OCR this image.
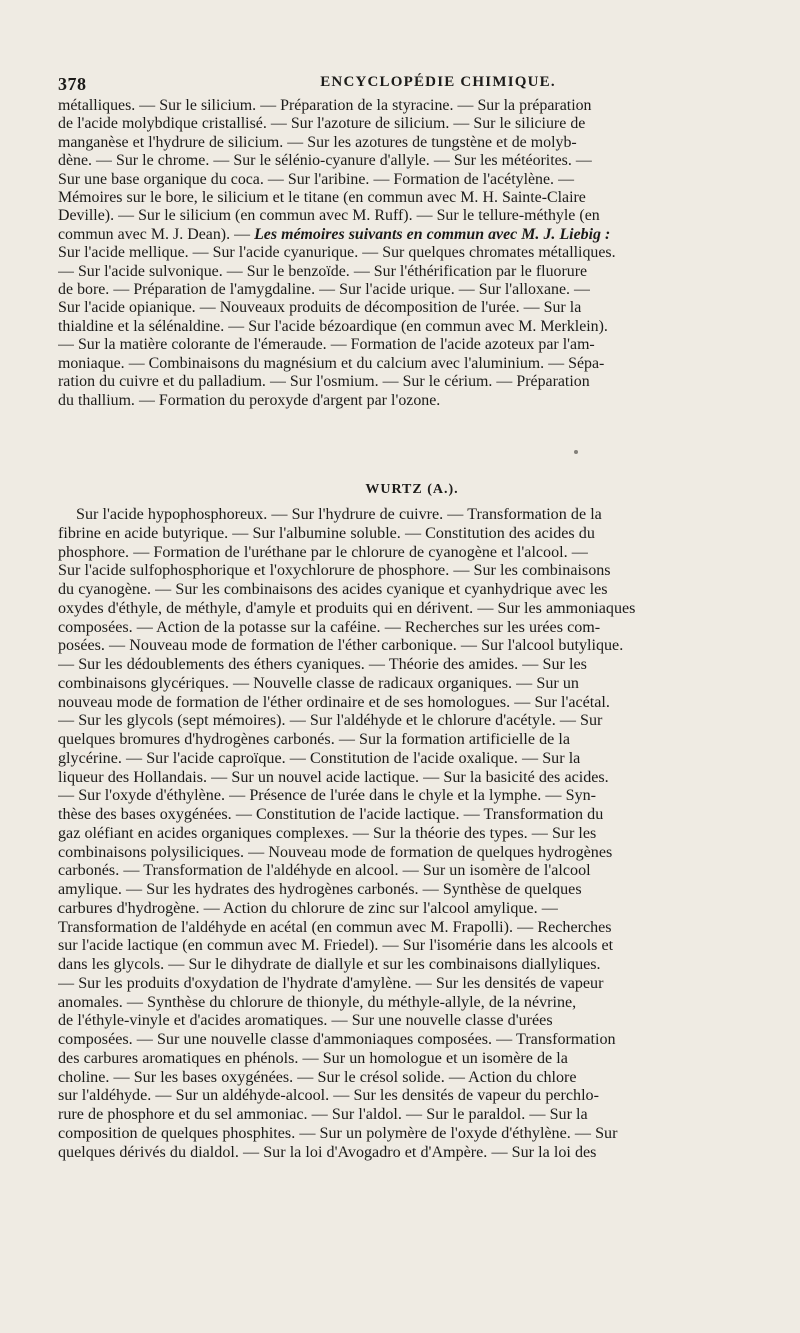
378	ENCYCLOPÉDIE CHIMIQUE.
métalliques. — Sur le silicium. — Préparation de la styracine. — Sur la préparation
de l'acide molybdique cristallisé. — Sur l'azoture de silicium. — Sur le siliciure de
manganèse et l'hydrure de silicium. — Sur les azotures de tungstène et de molyb-
dène. — Sur le chrome. — Sur le sélénio-cyanure d'allyle. — Sur les météorites. —
Sur une base organique du coca. — Sur l'aribine. — Formation de l'acétylène. —
Mémoires sur le bore, le silicium et le titane (en commun avec M. H. Sainte-Claire
Deville). — Sur le silicium (en commun avec M. Ruff). — Sur le tellure-méthyle (en
commun avec M. J. Dean). — Les mémoires suivants en commun avec M. J. Liebig :
Sur l'acide mellique. — Sur l'acide cyanurique. — Sur quelques chromates métalliques.
— Sur l'acide sulvonique. — Sur le benzoïde. — Sur l'éthérification par le fluorure
de bore. — Préparation de l'amygdaline. — Sur l'acide urique. — Sur l'alloxane. —
Sur l'acide opianique. — Nouveaux produits de décomposition de l'urée. — Sur la
thialdine et la sélénaldine. — Sur l'acide bézoardique (en commun avec M. Merklein).
— Sur la matière colorante de l'émeraude. — Formation de l'acide azoteux par l'am-
moniaque. — Combinaisons du magnésium et du calcium avec l'aluminium. — Sépa-
ration du cuivre et du palladium. — Sur l'osmium. — Sur le cérium. — Préparation
du thallium. — Formation du peroxyde d'argent par l'ozone.
WURTZ (A.).
Sur l'acide hypophosphoreux. — Sur l'hydrure de cuivre. — Transformation de la
fibrine en acide butyrique. — Sur l'albumine soluble. — Constitution des acides du
phosphore. — Formation de l'uréthane par le chlorure de cyanogène et l'alcool. —
Sur l'acide sulfophosphorique et l'oxychlorure de phosphore. — Sur les combinaisons
du cyanogène. — Sur les combinaisons des acides cyanique et cyanhydrique avec les
oxydes d'éthyle, de méthyle, d'amyle et produits qui en dérivent. — Sur les ammoniaques
composées. — Action de la potasse sur la caféine. — Recherches sur les urées com-
posées. — Nouveau mode de formation de l'éther carbonique. — Sur l'alcool butylique.
— Sur les dédoublements des éthers cyaniques. — Théorie des amides. — Sur les
combinaisons glycériques. — Nouvelle classe de radicaux organiques. — Sur un
nouveau mode de formation de l'éther ordinaire et de ses homologues. — Sur l'acétal.
— Sur les glycols (sept mémoires). — Sur l'aldéhyde et le chlorure d'acétyle. — Sur
quelques bromures d'hydrogènes carbonés. — Sur la formation artificielle de la
glycérine. — Sur l'acide caproïque. — Constitution de l'acide oxalique. — Sur la
liqueur des Hollandais. — Sur un nouvel acide lactique. — Sur la basicité des acides.
— Sur l'oxyde d'éthylène. — Présence de l'urée dans le chyle et la lymphe. — Syn-
thèse des bases oxygénées. — Constitution de l'acide lactique. — Transformation du
gaz oléfiant en acides organiques complexes. — Sur la théorie des types. — Sur les
combinaisons polysiliciques. — Nouveau mode de formation de quelques hydrogènes
carbonés. — Transformation de l'aldéhyde en alcool. — Sur un isomère de l'alcool
amylique. — Sur les hydrates des hydrogènes carbonés. — Synthèse de quelques
carbures d'hydrogène. — Action du chlorure de zinc sur l'alcool amylique. —
Transformation de l'aldéhyde en acétal (en commun avec M. Frapolli). — Recherches
sur l'acide lactique (en commun avec M. Friedel). — Sur l'isomérie dans les alcools et
dans les glycols. — Sur le dihydrate de diallyle et sur les combinaisons diallyliques.
— Sur les produits d'oxydation de l'hydrate d'amylène. — Sur les densités de vapeur
anomales. — Synthèse du chlorure de thionyle, du méthyle-allyle, de la névrine,
de l'éthyle-vinyle et d'acides aromatiques. — Sur une nouvelle classe d'urées
composées. — Sur une nouvelle classe d'ammoniaques composées. — Transformation
des carbures aromatiques en phénols. — Sur un homologue et un isomère de la
choline. — Sur les bases oxygénées. — Sur le crésol solide. — Action du chlore
sur l'aldéhyde. — Sur un aldéhyde-alcool. — Sur les densités de vapeur du perchlo-
rure de phosphore et du sel ammoniac. — Sur l'aldol. — Sur le paraldol. — Sur la
composition de quelques phosphites. — Sur un polymère de l'oxyde d'éthylène. — Sur
quelques dérivés du dialdol. — Sur la loi d'Avogadro et d'Ampère. — Sur la loi des
